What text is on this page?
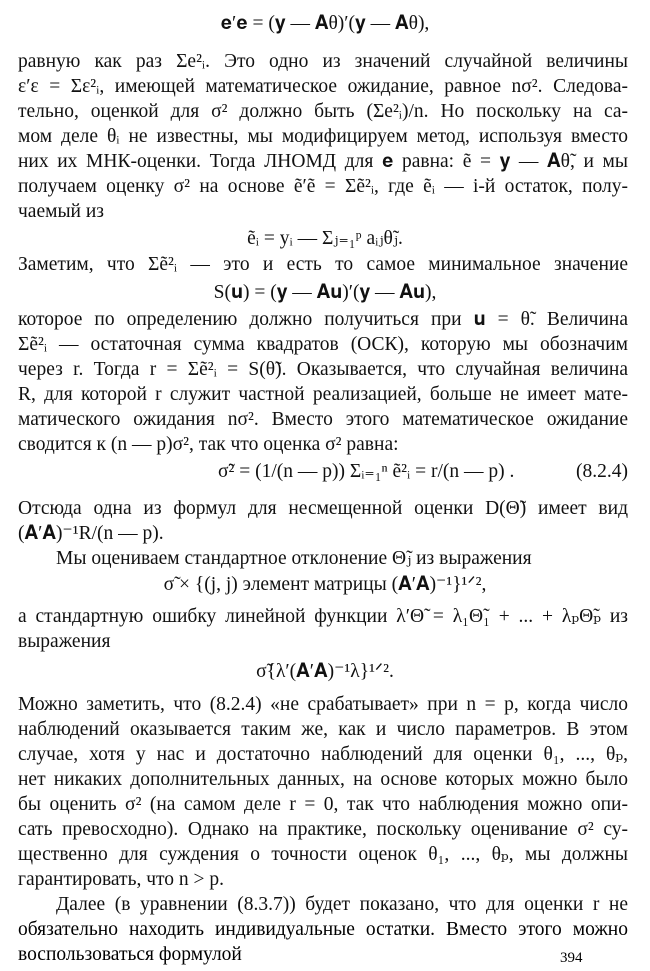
𝐞′𝐞 = (𝐲 — 𝐀θ)′(𝐲 — 𝐀θ),
равную как раз Σe²ᵢ. Это одно из значений случайной величины
ε′ε = Σε²ᵢ, имеющей математическое ожидание, равное nσ². Следова-
тельно, оценкой для σ² должно быть (Σe²ᵢ)/n. Но поскольку на са-
мом деле θᵢ не известны, мы модифицируем метод, используя вместо
них их МНК-оценки. Тогда ЛНОМД для 𝐞 равна: ẽ = 𝐲 — 𝐀θ̃, и мы
получаем оценку σ² на основе ẽ′ẽ = Σẽ²ᵢ, где ẽᵢ — i-й остаток, полу-
чаемый из
ẽᵢ = yᵢ — Σⱼ₌₁ᵖ aᵢⱼθ̃ⱼ.
Заметим, что Σẽ²ᵢ — это и есть то самое минимальное значение
S(𝐮) = (𝐲 — 𝐀𝐮)′(𝐲 — 𝐀𝐮),
которое по определению должно получиться при 𝐮 = θ̃. Величина
Σẽ²ᵢ — остаточная сумма квадратов (ОСК), которую мы обозначим
через r. Тогда r = Σẽ²ᵢ = S(θ̃). Оказывается, что случайная величина
R, для которой r служит частной реализацией, больше не имеет мате-
матического ожидания nσ². Вместо этого математическое ожидание
сводится к (n — p)σ², так что оценка σ² равна:
σ̃² = (1/(n — p)) Σᵢ₌₁ⁿ ẽ²ᵢ = r/(n — p) .	(8.2.4)
Отсюда одна из формул для несмещенной оценки D(Θ̃) имеет вид
(𝐀′𝐀)⁻¹R/(n — p).
Мы оцениваем стандартное отклонение Θ̃ⱼ из выражения
σ̃ × {(j, j) элемент матрицы (𝐀′𝐀)⁻¹}¹ᐟ²,
а стандартную ошибку линейной функции λ′Θ̃ = λ₁Θ̃₁ + ... + λₚΘ̃ₚ из
выражения
σ̃{λ′(𝐀′𝐀)⁻¹λ}¹ᐟ².
Можно заметить, что (8.2.4) «не срабатывает» при n = p, когда число
наблюдений оказывается таким же, как и число параметров. В этом
случае, хотя у нас и достаточно наблюдений для оценки θ₁, ..., θₚ,
нет никаких дополнительных данных, на основе которых можно было
бы оценить σ² (на самом деле r = 0, так что наблюдения можно опи-
сать превосходно). Однако на практике, поскольку оценивание σ² су-
щественно для суждения о точности оценок θ₁, ..., θₚ, мы должны
гарантировать, что n > p.
Далее (в уравнении (8.3.7)) будет показано, что для оценки r не
обязательно находить индивидуальные остатки. Вместо этого можно
воспользоваться формулой	394
